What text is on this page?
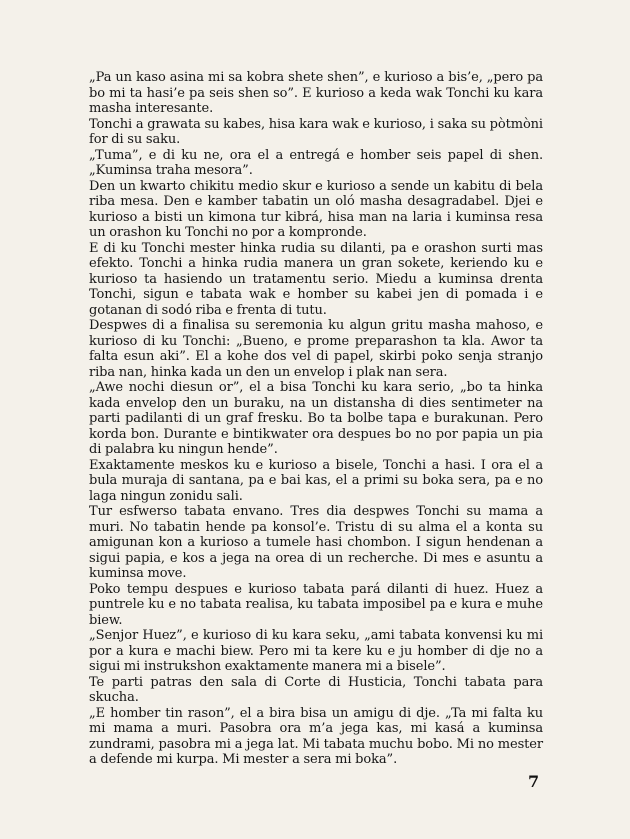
„Pa un kaso asina mi sa kobra shete shen”, e kurioso a bis’e, „pero pa bo mi ta hasi’e pa seis shen so”. E kurioso a keda wak Tonchi ku kara masha interesante.

Tonchi a grawata su kabes, hisa kara wak e kurioso, i saka su pòtmòni for di su saku.

„Tuma”, e di ku ne, ora el a entregá e homber seis papel di shen. „Kuminsa traha mesora”.

Den un kwarto chikitu medio skur e kurioso a sende un kabitu di bela riba mesa. Den e kamber tabatin un oló masha desagradabel. Djei e kurioso a bisti un kimona tur kibrá, hisa man na laria i kuminsa resa un orashon ku Tonchi no por a kompronde.

E di ku Tonchi mester hinka rudia su dilanti, pa e orashon surti mas efekto. Tonchi a hinka rudia manera un gran sokete, keriendo ku e kurioso ta hasiendo un tratamentu serio. Miedu a kuminsa drenta Tonchi, sigun e tabata wak e homber su kabei jen di pomada i e gotanan di sodó riba e frenta di tutu.

Despwes di a finalisa su seremonia ku algun gritu masha mahoso, e kurioso di ku Tonchi: „Bueno, e prome preparashon ta kla. Awor ta falta esun aki”. El a kohe dos vel di papel, skirbi poko senja stranjo riba nan, hinka kada un den un envelop i plak nan sera.

„Awe nochi diesun or”, el a bisa Tonchi ku kara serio, „bo ta hinka kada envelop den un buraku, na un distansha di dies sentimeter na parti padilanti di un graf fresku. Bo ta bolbe tapa e burakunan. Pero korda bon. Durante e bintikwater ora despues bo no por papia un pia di palabra ku ningun hende”.

Exaktamente meskos ku e kurioso a bisele, Tonchi a hasi. I ora el a bula muraja di santana, pa e bai kas, el a primi su boka sera, pa e no laga ningun zonidu sali.

Tur esfwerso tabata envano. Tres dia despwes Tonchi su mama a muri. No tabatin hende pa konsol’e. Tristu di su alma el a konta su amigunan kon a kurioso a tumele hasi chombon. I sigun hendenan a sigui papia, e kos a jega na orea di un recherche. Di mes e asuntu a kuminsa move.

Poko tempu despues e kurioso tabata pará dilanti di huez. Huez a puntrele ku e no tabata realisa, ku tabata imposibel pa e kura e muhe biew.

„Senjor Huez”, e kurioso di ku kara seku, „ami tabata konvensi ku mi por a kura e machi biew. Pero mi ta kere ku e ju homber di dje no a sigui mi instrukshon exaktamente manera mi a bisele”.

Te parti patras den sala di Corte di Husticia, Tonchi tabata para skucha.

„E homber tin rason”, el a bira bisa un amigu di dje. „Ta mi falta ku mi mama a muri. Pasobra ora m’a jega kas, mi kasá a kuminsa zundrami, pasobra mi a jega lat. Mi tabata muchu bobo. Mi no mester a defende mi kurpa. Mi mester a sera mi boka”.

7
